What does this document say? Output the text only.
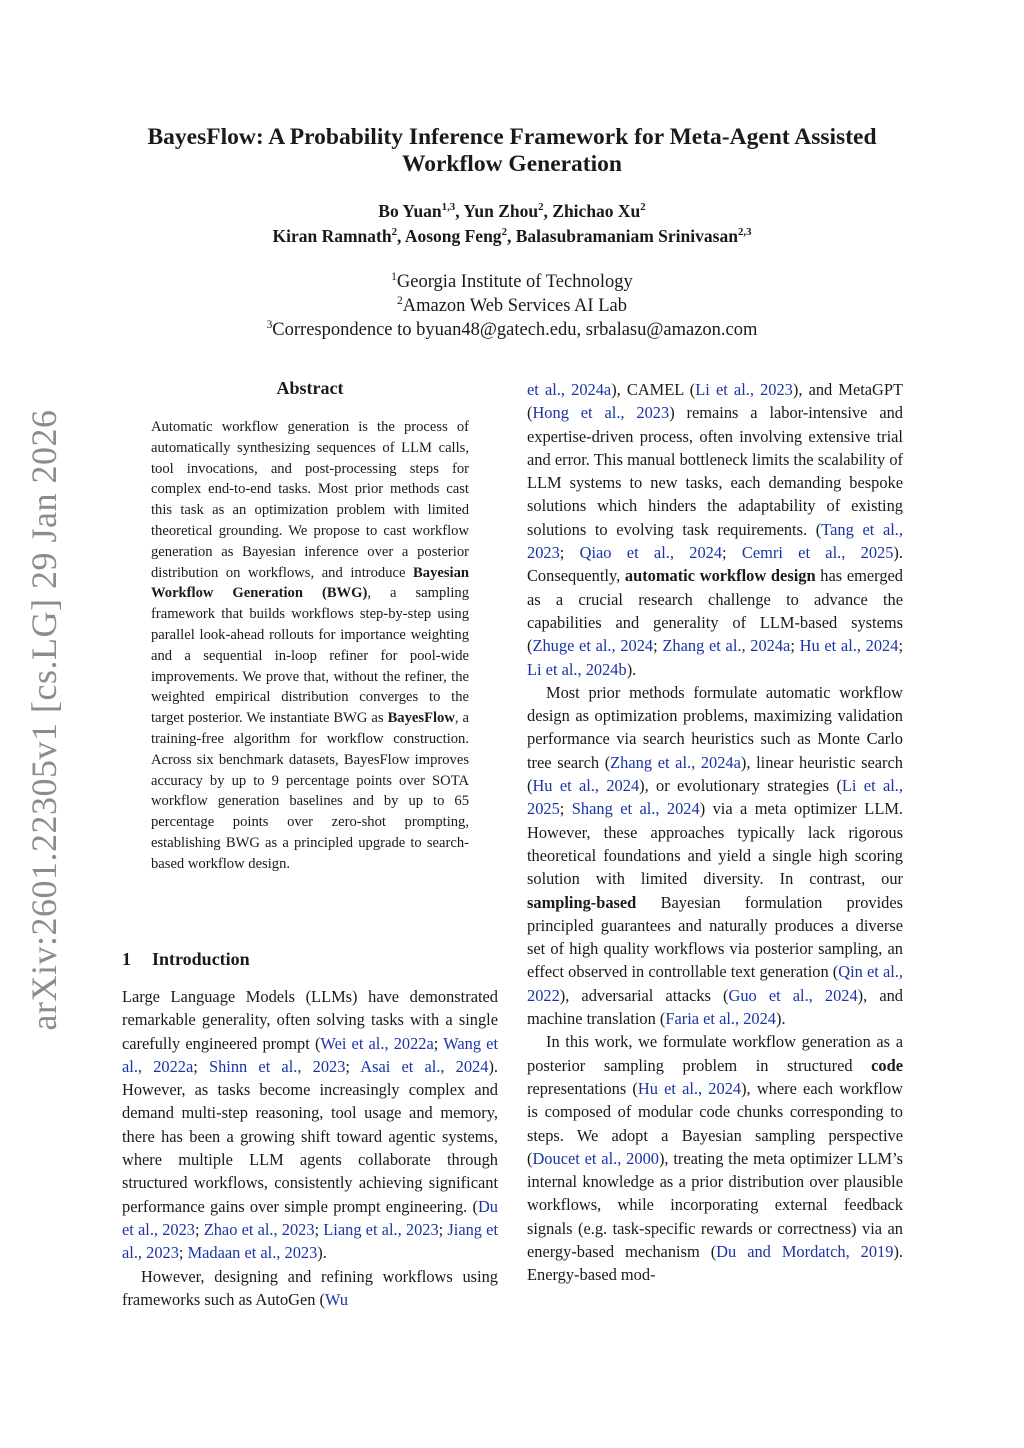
arXiv:2601.22305v1 [cs.LG] 29 Jan 2026
BayesFlow: A Probability Inference Framework for Meta-Agent Assisted Workflow Generation
Bo Yuan$^{1,3}$, Yun Zhou$^2$, Zhichao Xu$^2$
Kiran Ramnath$^2$, Aosong Feng$^2$, Balasubramaniam Srinivasan$^{2,3}$
$^1$Georgia Institute of Technology
$^2$Amazon Web Services AI Lab
$^3$Correspondence to byuan48@gatech.edu, srbalasu@amazon.com
Abstract
Automatic workflow generation is the process of automatically synthesizing sequences of LLM calls, tool invocations, and post-processing steps for complex end-to-end tasks. Most prior methods cast this task as an optimization problem with limited theoretical grounding. We propose to cast workflow generation as Bayesian inference over a posterior distribution on workflows, and introduce Bayesian Workflow Generation (BWG), a sampling framework that builds workflows step-by-step using parallel look-ahead rollouts for importance weighting and a sequential in-loop refiner for pool-wide improvements. We prove that, without the refiner, the weighted empirical distribution converges to the target posterior. We instantiate BWG as BayesFlow, a training-free algorithm for workflow construction. Across six benchmark datasets, BayesFlow improves accuracy by up to 9 percentage points over SOTA workflow generation baselines and by up to 65 percentage points over zero-shot prompting, establishing BWG as a principled upgrade to search-based workflow design.
1 Introduction

Large Language Models (LLMs) have demonstrated remarkable generality, often solving tasks with a single carefully engineered prompt (Wei et al., 2022a; Wang et al., 2022a; Shinn et al., 2023; Asai et al., 2024). However, as tasks become increasingly complex and demand multi-step reasoning, tool usage and memory, there has been a growing shift toward agentic systems, where multiple LLM agents collaborate through structured workflows, consistently achieving significant performance gains over simple prompt engineering. (Du et al., 2023; Zhao et al., 2023; Liang et al., 2023; Jiang et al., 2023; Madaan et al., 2023).

However, designing and refining workflows using frameworks such as AutoGen (Wu

et al., 2024a), CAMEL (Li et al., 2023), and MetaGPT (Hong et al., 2023) remains a labor-intensive and expertise-driven process, often involving extensive trial and error. This manual bottleneck limits the scalability of LLM systems to new tasks, each demanding bespoke solutions which hinders the adaptability of existing solutions to evolving task requirements. (Tang et al., 2023; Qiao et al., 2024; Cemri et al., 2025). Consequently, automatic workflow design has emerged as a crucial research challenge to advance the capabilities and generality of LLM-based systems (Zhuge et al., 2024; Zhang et al., 2024a; Hu et al., 2024; Li et al., 2024b).

Most prior methods formulate automatic workflow design as optimization problems, maximizing validation performance via search heuristics such as Monte Carlo tree search (Zhang et al., 2024a), linear heuristic search (Hu et al., 2024), or evolutionary strategies (Li et al., 2025; Shang et al., 2024) via a meta optimizer LLM. However, these approaches typically lack rigorous theoretical foundations and yield a single high scoring solution with limited diversity. In contrast, our sampling-based Bayesian formulation provides principled guarantees and naturally produces a diverse set of high quality workflows via posterior sampling, an effect observed in controllable text generation (Qin et al., 2022), adversarial attacks (Guo et al., 2024), and machine translation (Faria et al., 2024).

In this work, we formulate workflow generation as a posterior sampling problem in structured code representations (Hu et al., 2024), where each workflow is composed of modular code chunks corresponding to steps. We adopt a Bayesian sampling perspective (Doucet et al., 2000), treating the meta optimizer LLM’s internal knowledge as a prior distribution over plausible workflows, while incorporating external feedback signals (e.g. task-specific rewards or correctness) via an energy-based mechanism (Du and Mordatch, 2019). Energy-based mod-
